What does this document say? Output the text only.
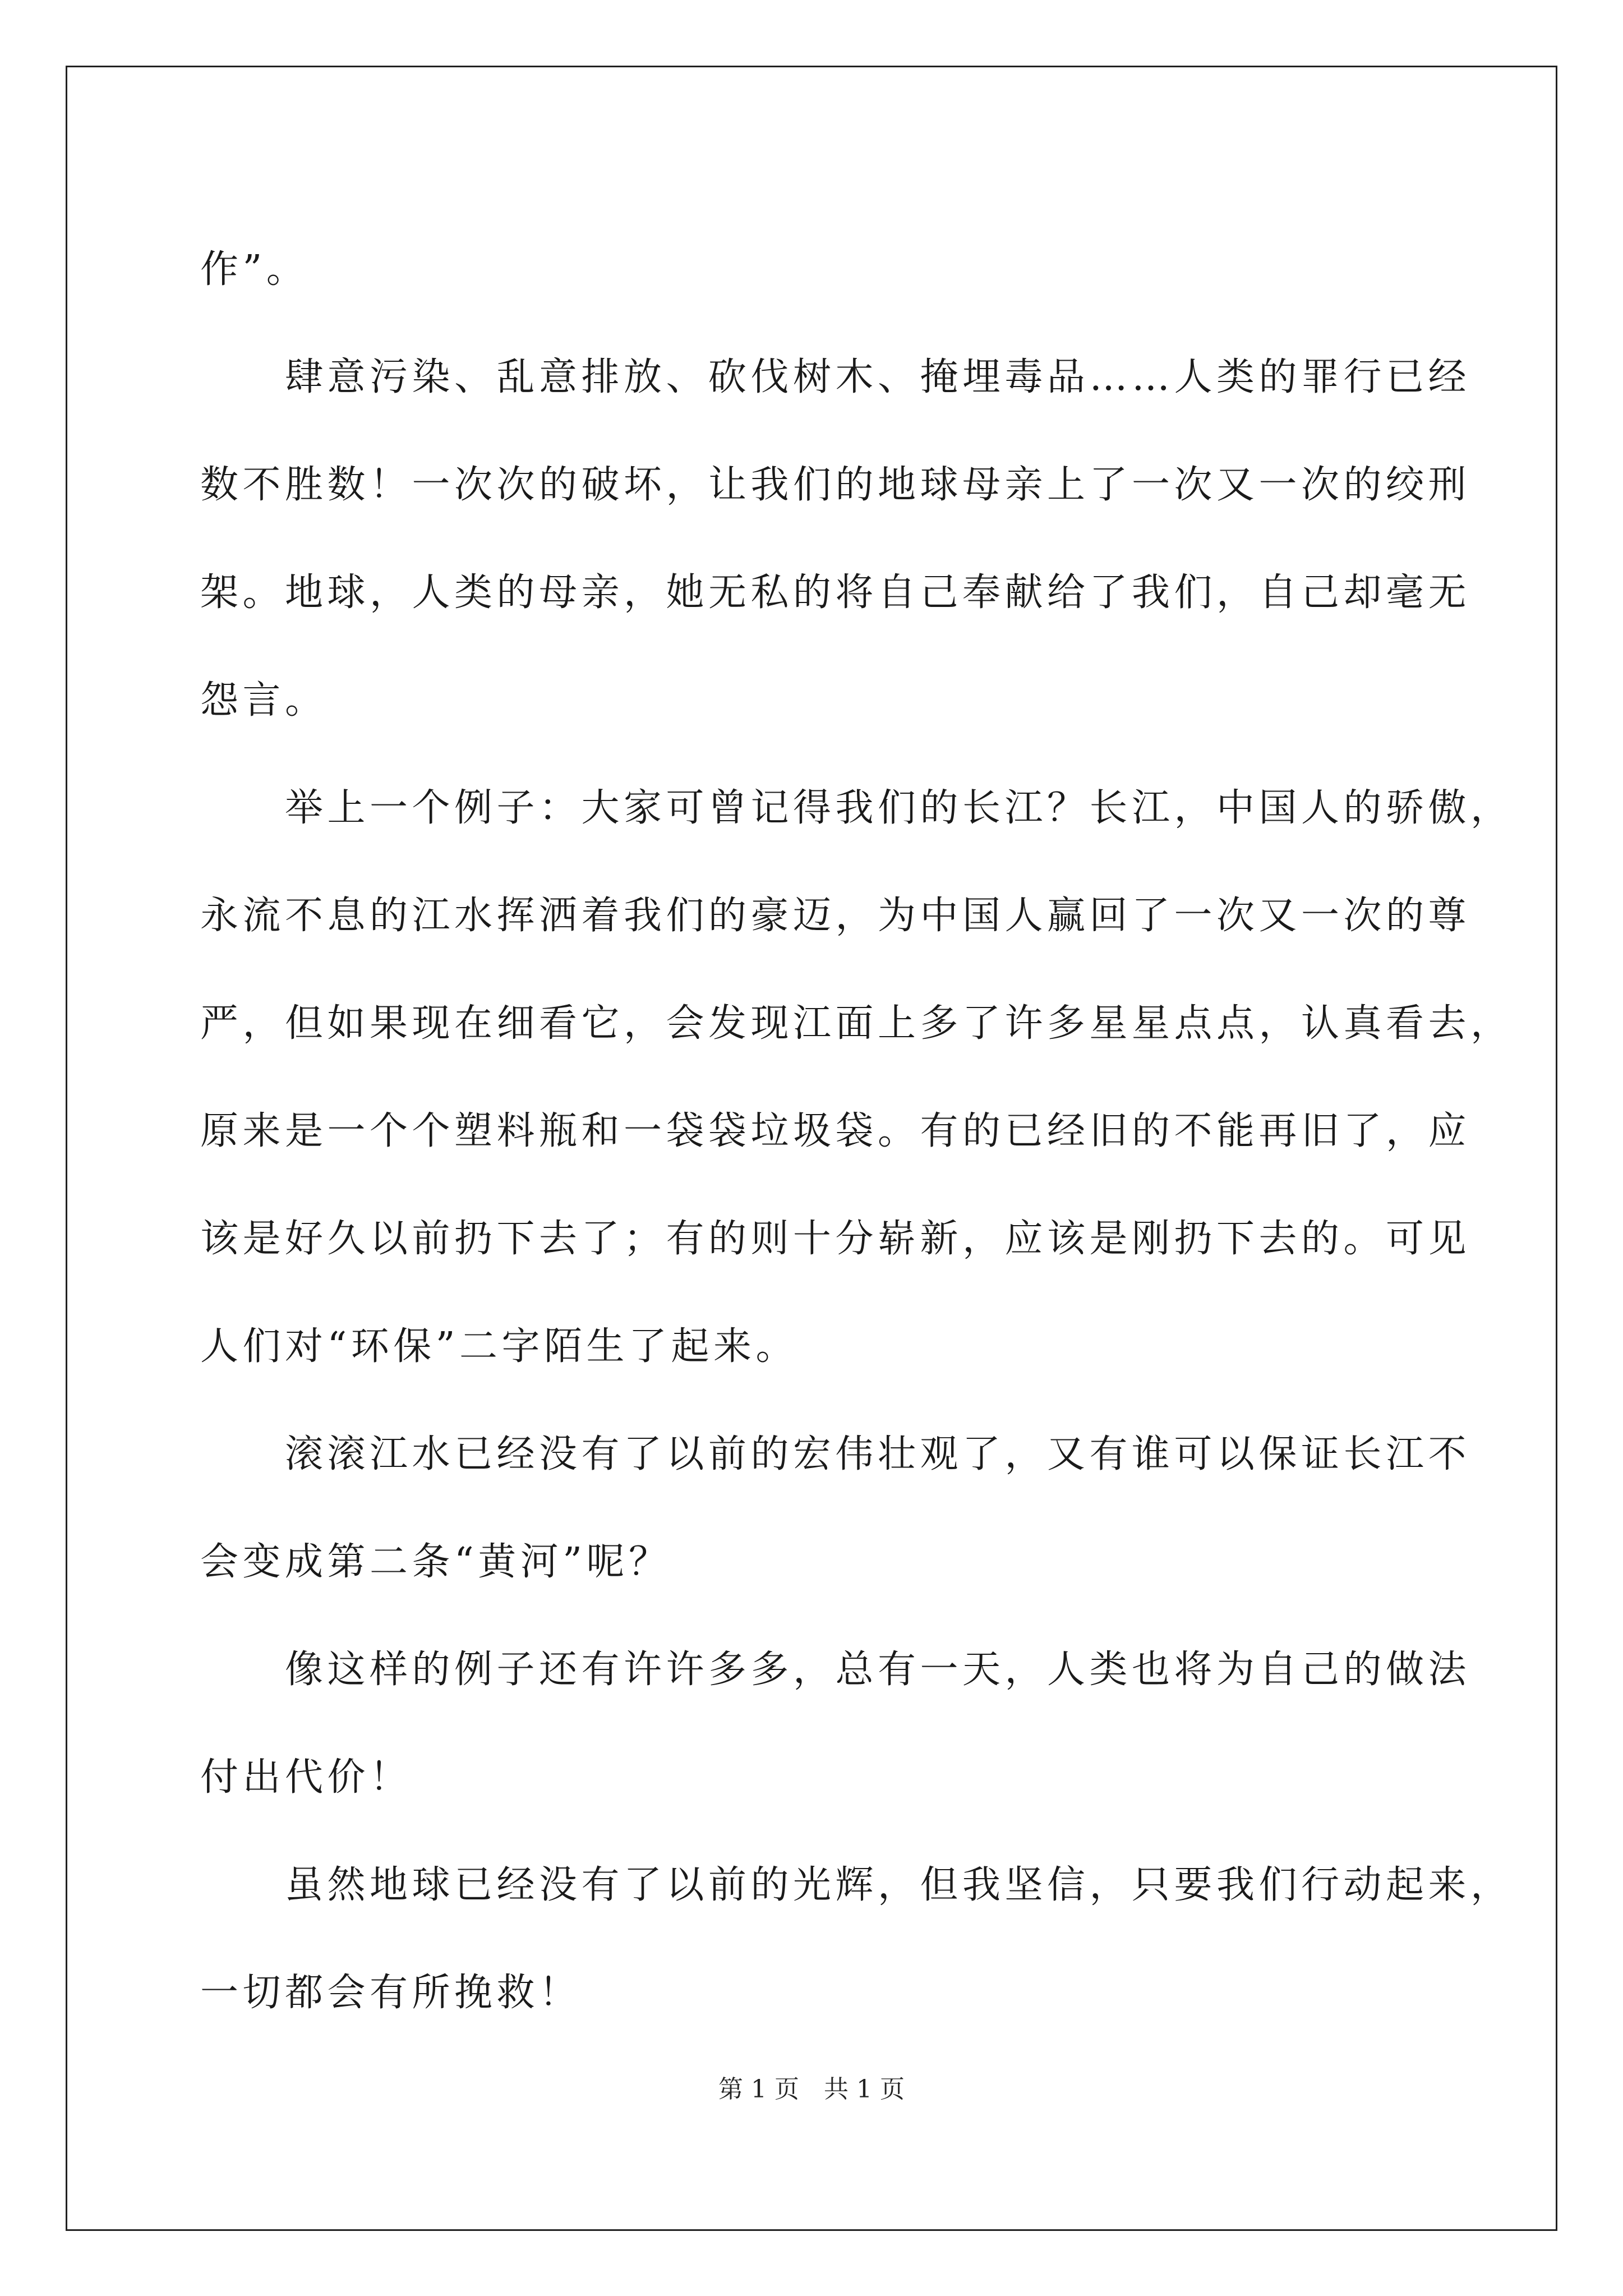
作”。
　　肆意污染、乱意排放、砍伐树木、掩埋毒品……人类的罪行已经
数不胜数！一次次的破坏，让我们的地球母亲上了一次又一次的绞刑
架。地球，人类的母亲，她无私的将自己奉献给了我们，自己却毫无
怨言。
　　举上一个例子：大家可曾记得我们的长江？长江，中国人的骄傲，
永流不息的江水挥洒着我们的豪迈，为中国人赢回了一次又一次的尊
严，但如果现在细看它，会发现江面上多了许多星星点点，认真看去，
原来是一个个塑料瓶和一袋袋垃圾袋。有的已经旧的不能再旧了，应
该是好久以前扔下去了；有的则十分崭新，应该是刚扔下去的。可见
人们对“环保”二字陌生了起来。
　　滚滚江水已经没有了以前的宏伟壮观了，又有谁可以保证长江不
会变成第二条“黄河”呢？
　　像这样的例子还有许许多多，总有一天，人类也将为自己的做法
付出代价！
　　虽然地球已经没有了以前的光辉，但我坚信，只要我们行动起来，
一切都会有所挽救！
第 1 页　共 1 页
